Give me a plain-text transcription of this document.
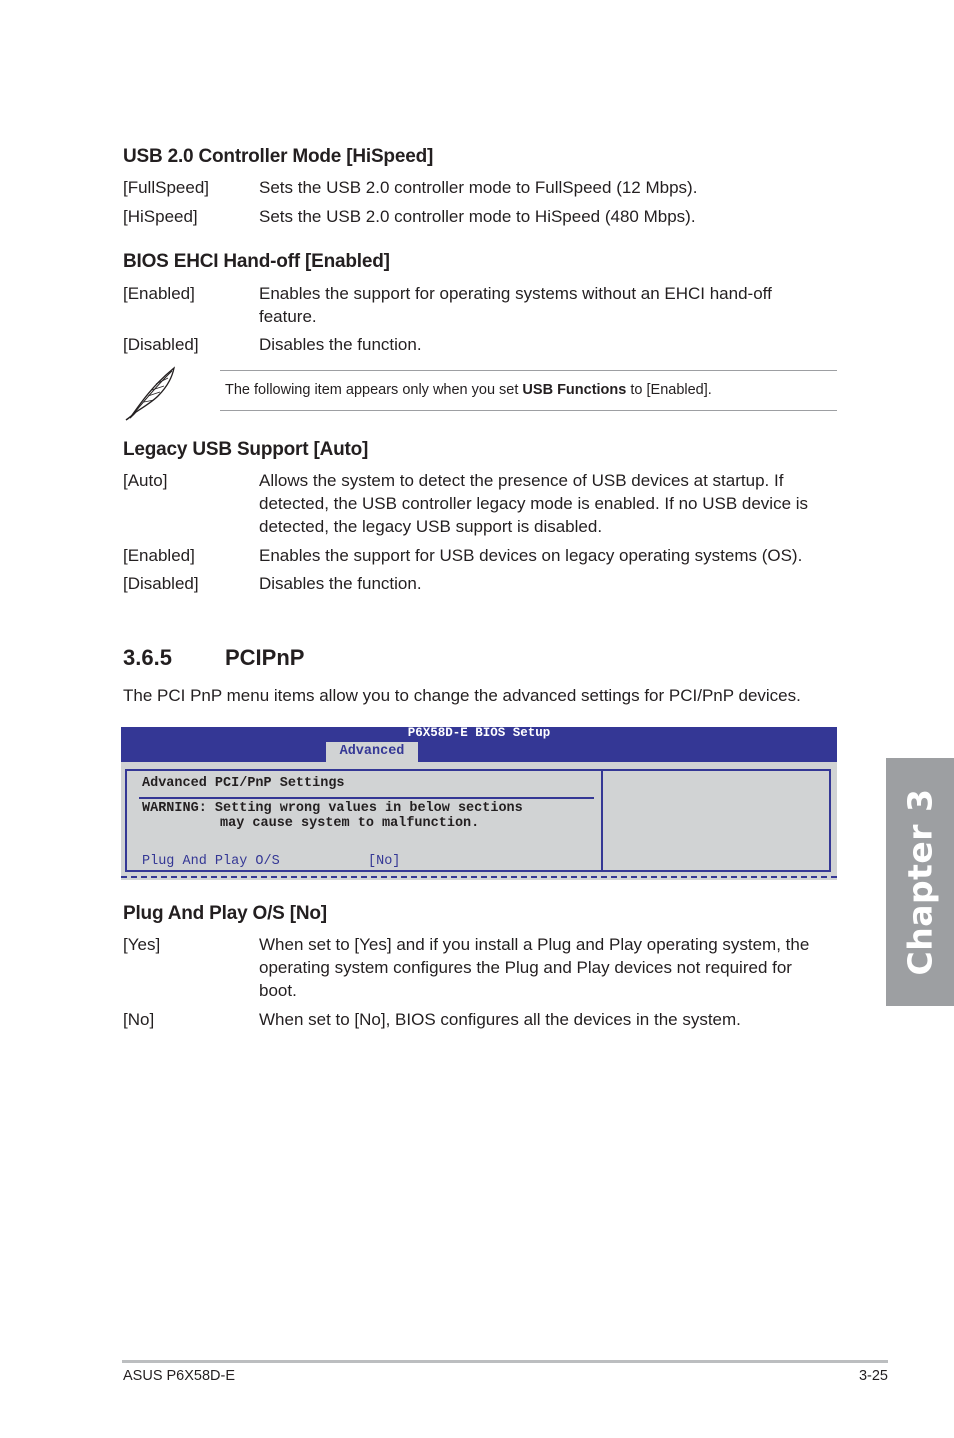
USB 2.0 Controller Mode [HiSpeed]
[FullSpeed]	Sets the USB 2.0 controller mode to FullSpeed (12 Mbps).
[HiSpeed]	Sets the USB 2.0 controller mode to HiSpeed (480 Mbps).
BIOS EHCI Hand-off [Enabled]
[Enabled]	Enables the support for operating systems without an EHCI hand-off feature.
[Disabled]	Disables the function.
The following item appears only when you set USB Functions to [Enabled].
Legacy USB Support [Auto]
[Auto]	Allows the system to detect the presence of USB devices at startup. If detected, the USB controller legacy mode is enabled. If no USB device is detected, the legacy USB support is disabled.
[Enabled]	Enables the support for USB devices on legacy operating systems (OS).
[Disabled]	Disables the function.
3.6.5 PCIPnP
The PCI PnP menu items allow you to change the advanced settings for PCI/PnP devices.
P6X58D-E BIOS Setup
Advanced
Advanced PCI/PnP Settings
WARNING: Setting wrong values in below sections
may cause system to malfunction.
Plug And Play O/S	[No]
Plug And Play O/S [No]
[Yes]	When set to [Yes] and if you install a Plug and Play operating system, the operating system configures the Plug and Play devices not required for boot.
[No]	When set to [No], BIOS configures all the devices in the system.
Chapter 3
ASUS P6X58D-E	3-25
